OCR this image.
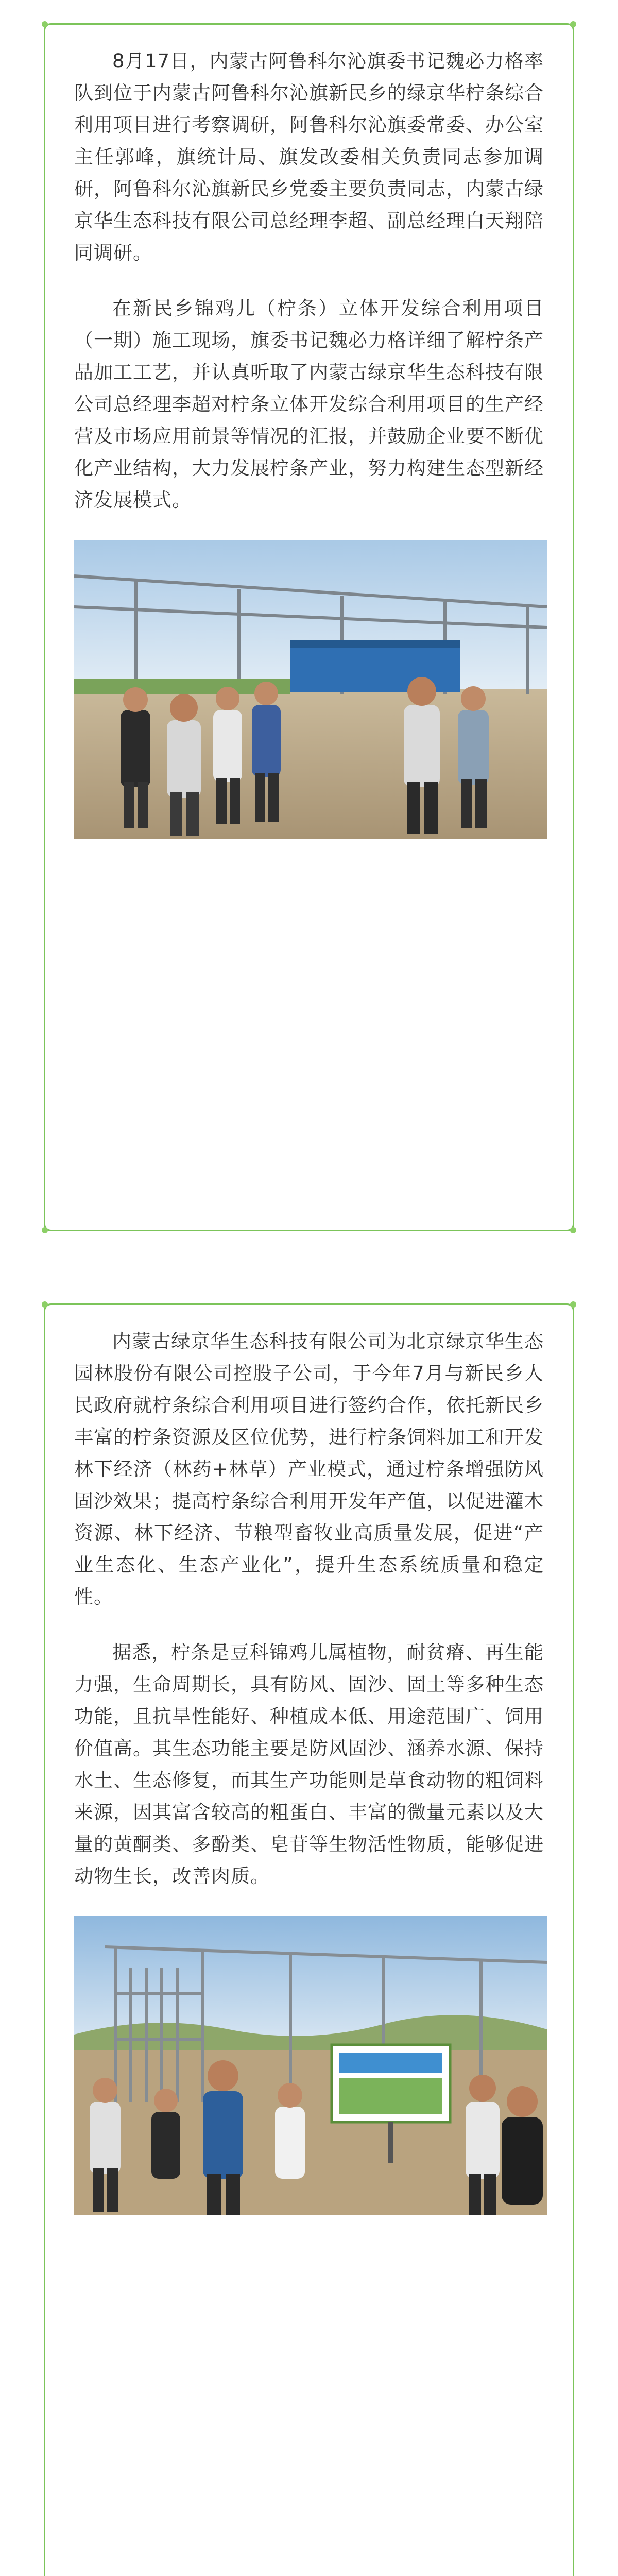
8月17日，内蒙古阿鲁科尔沁旗委书记魏必力格率队到位于内蒙古阿鲁科尔沁旗新民乡的绿京华柠条综合利用项目进行考察调研，阿鲁科尔沁旗委常委、办公室主任郭峰，旗统计局、旗发改委相关负责同志参加调研，阿鲁科尔沁旗新民乡党委主要负责同志，内蒙古绿京华生态科技有限公司总经理李超、副总经理白天翔陪同调研。

在新民乡锦鸡儿（柠条）立体开发综合利用项目（一期）施工现场，旗委书记魏必力格详细了解柠条产品加工工艺，并认真听取了内蒙古绿京华生态科技有限公司总经理李超对柠条立体开发综合利用项目的生产经营及市场应用前景等情况的汇报，并鼓励企业要不断优化产业结构，大力发展柠条产业，努力构建生态型新经济发展模式。

内蒙古绿京华生态科技有限公司为北京绿京华生态园林股份有限公司控股子公司，于今年7月与新民乡人民政府就柠条综合利用项目进行签约合作，依托新民乡丰富的柠条资源及区位优势，进行柠条饲料加工和开发林下经济（林药+林草）产业模式，通过柠条增强防风固沙效果；提高柠条综合利用开发年产值，以促进灌木资源、林下经济、节粮型畜牧业高质量发展，促进“产业生态化、生态产业化”，提升生态系统质量和稳定性。

据悉，柠条是豆科锦鸡儿属植物，耐贫瘠、再生能力强，生命周期长，具有防风、固沙、固土等多种生态功能，且抗旱性能好、种植成本低、用途范围广、饲用价值高。其生态功能主要是防风固沙、涵养水源、保持水土、生态修复，而其生产功能则是草食动物的粗饲料来源，因其富含较高的粗蛋白、丰富的微量元素以及大量的黄酮类、多酚类、皂苷等生物活性物质，能够促进动物生长，改善肉质。
